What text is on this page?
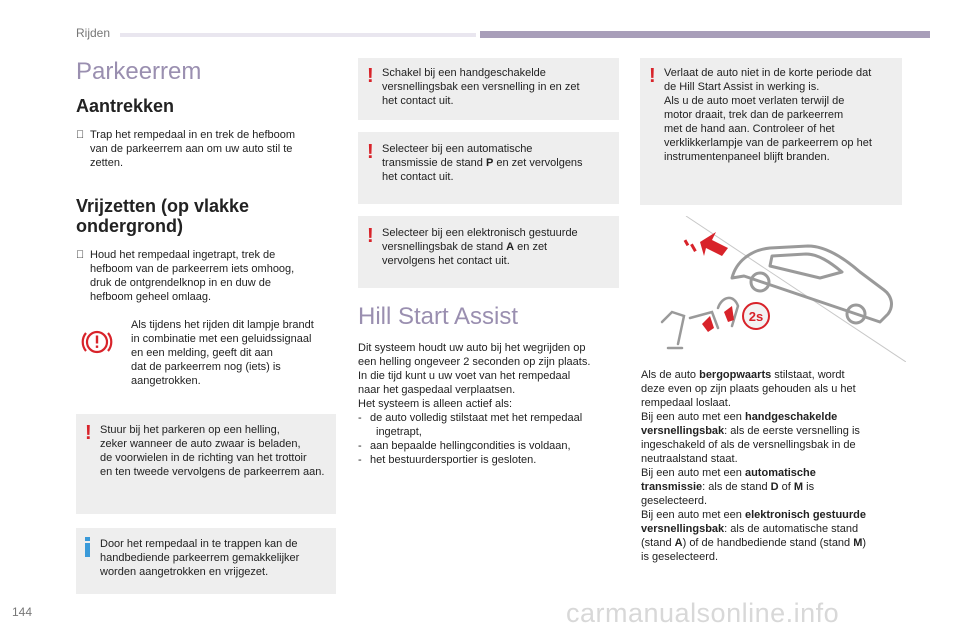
Rijden
Parkeerrem
Aantrekken
Trap het rempedaal in en trek de hefboom
van de parkeerrem aan om uw auto stil te
zetten.
Vrijzetten (op vlakke
ondergrond)
Houd het rempedaal ingetrapt, trek de
hefboom van de parkeerrem iets omhoog,
druk de ontgrendelknop in en duw de
hefboom geheel omlaag.
Als tijdens het rijden dit lampje brandt
in combinatie met een geluidssignaal
en een melding, geeft dit aan
dat de parkeerrem nog (iets) is
aangetrokken.
! Stuur bij het parkeren op een helling,
zeker wanneer de auto zwaar is beladen,
de voorwielen in de richting van het trottoir
en ten tweede vervolgens de parkeerrem aan.
Door het rempedaal in te trappen kan de
handbediende parkeerrem gemakkelijker
worden aangetrokken en vrijgezet.
! Schakel bij een handgeschakelde
versnellingsbak een versnelling in en zet
het contact uit.
! Selecteer bij een automatische
transmissie de stand P en zet vervolgens
het contact uit.
! Selecteer bij een elektronisch gestuurde
versnellingsbak de stand A en zet
vervolgens het contact uit.
Hill Start Assist
Dit systeem houdt uw auto bij het wegrijden op
een helling ongeveer 2 seconden op zijn plaats.
In die tijd kunt u uw voet van het rempedaal
naar het gaspedaal verplaatsen.
Het systeem is alleen actief als:
- de auto volledig stilstaat met het rempedaal
ingetrapt,
- aan bepaalde hellingcondities is voldaan,
- het bestuurdersportier is gesloten.
! Verlaat de auto niet in de korte periode dat
de Hill Start Assist in werking is.
Als u de auto moet verlaten terwijl de
motor draait, trek dan de parkeerrem
met de hand aan. Controleer of het
verklikkerlampje van de parkeerrem op het
instrumentenpaneel blijft branden.
2s
Als de auto bergopwaarts stilstaat, wordt
deze even op zijn plaats gehouden als u het
rempedaal loslaat.
Bij een auto met een handgeschakelde
versnellingsbak: als de eerste versnelling is
ingeschakeld of als de versnellingsbak in de
neutraalstand staat.
Bij een auto met een automatische
transmissie: als de stand D of M is
geselecteerd.
Bij een auto met een elektronisch gestuurde
versnellingsbak: als de automatische stand
(stand A) of de handbediende stand (stand M)
is geselecteerd.
144	carmanualsonline.info
